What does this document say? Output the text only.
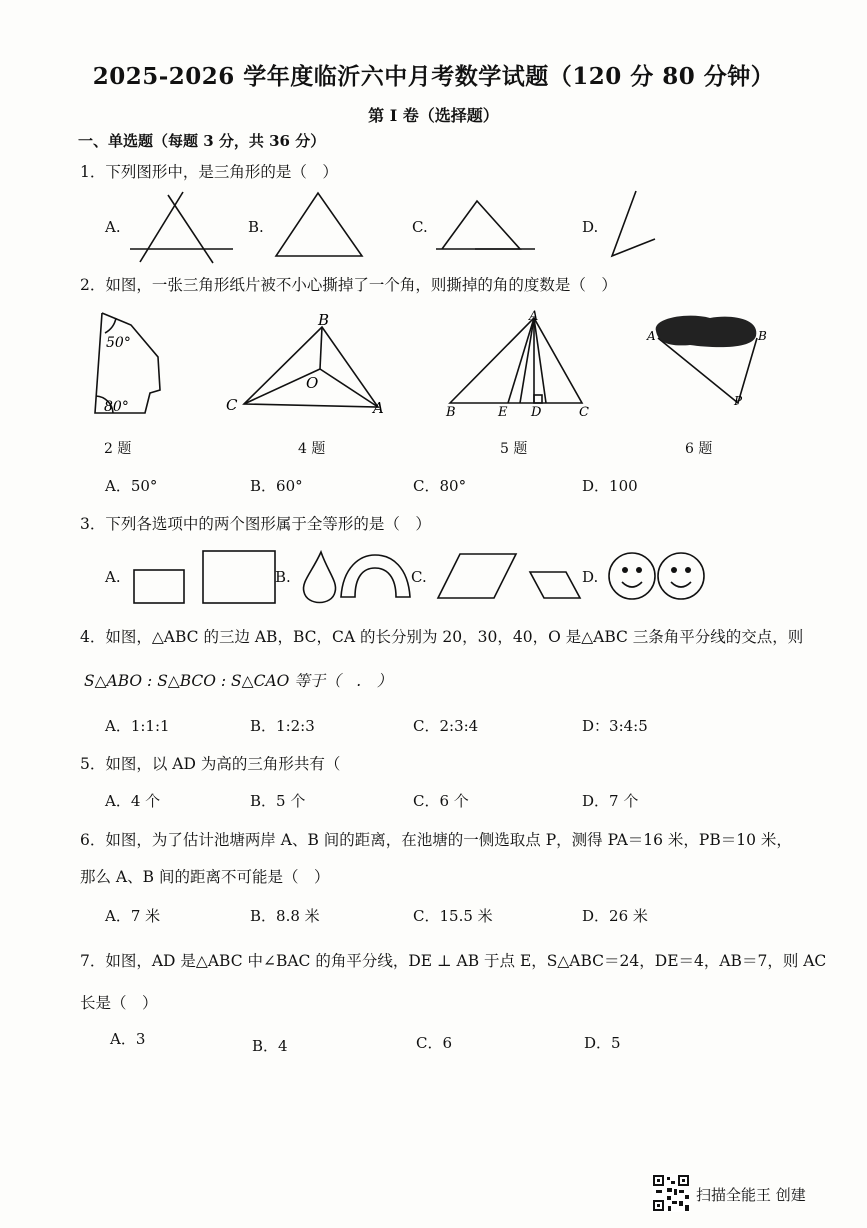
2025-2026 学年度临沂六中月考数学试题（120 分 80 分钟）
第 I 卷（选择题）
一、单选题（每题 3 分，共 36 分）
1．下列图形中，是三角形的是（　）
A.	B.	C.	D.
2．如图，一张三角形纸片被不小心撕掉了一个角，则撕掉的角的度数是（　）
50°
80°
B
C
O
A
A
B	E D	C
A	B
P
2 题	4 题	5 题	6 题
A．50°	B．60°	C．80°	D．100
3．下列各选项中的两个图形属于全等形的是（　）
A.	B.	C.	D.
4．如图，△ABC 的三边 AB，BC，CA 的长分别为 20，30，40，O 是△ABC 三条角平分线的交点，则
S△ABO : S△BCO : S△CAO 等于（　.　）
A．1:1:1	B．1:2:3	C．2:3:4	D：3:4:5
5．如图，以 AD 为高的三角形共有（
A．4 个	B．5 个	C．6 个	D．7 个
6．如图，为了估计池塘两岸 A、B 间的距离，在池塘的一侧选取点 P，测得 PA＝16 米，PB＝10 米，
那么 A、B 间的距离不可能是（　）
A．7 米	B．8.8 米	C．15.5 米	D．26 米
7．如图，AD 是△ABC 中∠BAC 的角平分线，DE ⊥ AB 于点 E，S△ABC＝24，DE＝4，AB＝7，则 AC
长是（　）
A．3	B．4	C．6	D．5
扫描全能王 创建
